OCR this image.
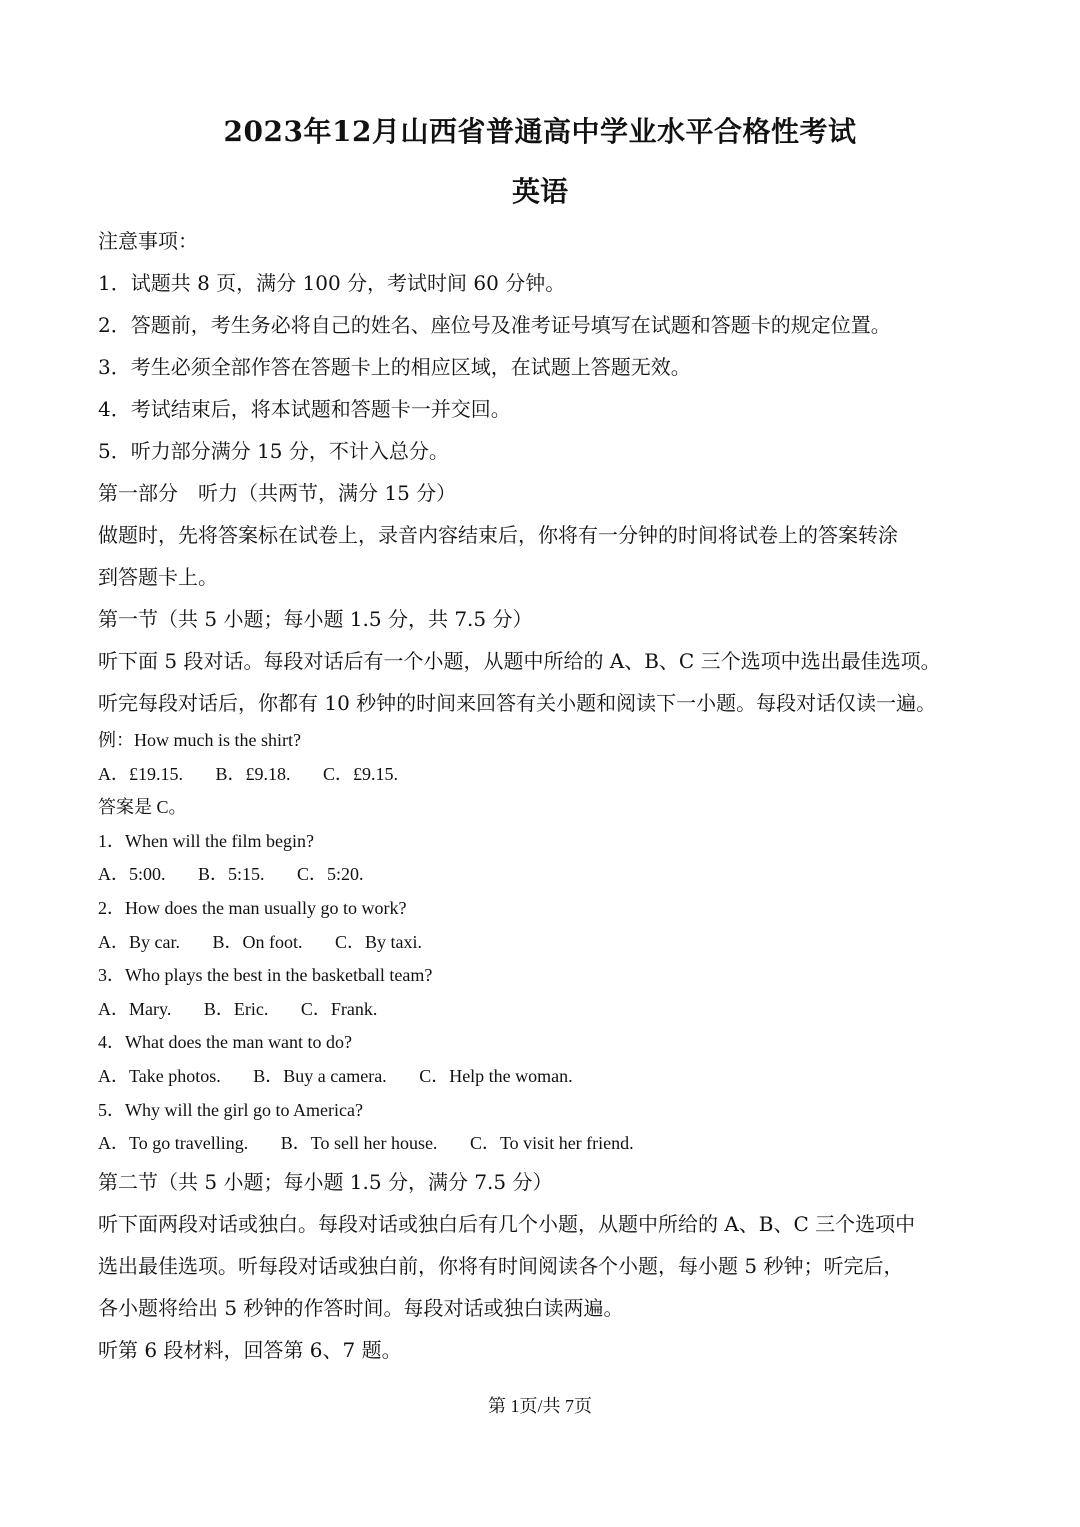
2023年12月山西省普通高中学业水平合格性考试
英语
注意事项：
1．试题共 8 页，满分 100 分，考试时间 60 分钟。
2．答题前，考生务必将自己的姓名、座位号及准考证号填写在试题和答题卡的规定位置。
3．考生必须全部作答在答题卡上的相应区域，在试题上答题无效。
4．考试结束后，将本试题和答题卡一并交回。
5．听力部分满分 15 分，不计入总分。
第一部分　听力（共两节，满分 15 分）
做题时，先将答案标在试卷上，录音内容结束后，你将有一分钟的时间将试卷上的答案转涂
到答题卡上。
第一节（共 5 小题；每小题 1.5 分，共 7.5 分）
听下面 5 段对话。每段对话后有一个小题，从题中所给的 A、B、C 三个选项中选出最佳选项。
听完每段对话后，你都有 10 秒钟的时间来回答有关小题和阅读下一小题。每段对话仅读一遍。
例：How much is the shirt?
A．£19.15. B．£9.18. C．£9.15.
答案是 C。
1．When will the film begin?
A．5:00. B．5:15. C．5:20.
2．How does the man usually go to work?
A．By car. B．On foot. C．By taxi.
3．Who plays the best in the basketball team?
A．Mary. B．Eric. C．Frank.
4．What does the man want to do?
A．Take photos. B．Buy a camera. C．Help the woman.
5．Why will the girl go to America?
A．To go travelling. B．To sell her house. C．To visit her friend.
第二节（共 5 小题；每小题 1.5 分，满分 7.5 分）
听下面两段对话或独白。每段对话或独白后有几个小题，从题中所给的 A、B、C 三个选项中
选出最佳选项。听每段对话或独白前，你将有时间阅读各个小题，每小题 5 秒钟；听完后，
各小题将给出 5 秒钟的作答时间。每段对话或独白读两遍。
听第 6 段材料，回答第 6、7 题。
第 1页/共 7页
